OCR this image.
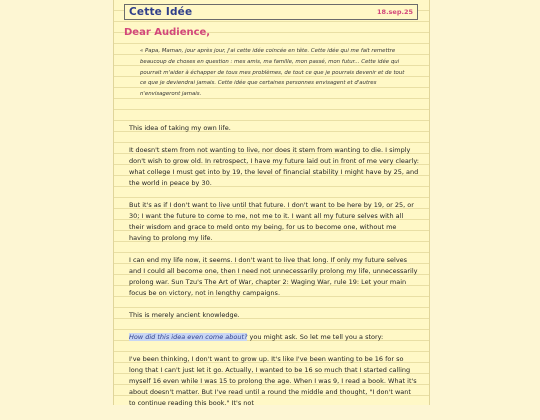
Cette Idée	18.sep.25
Dear Audience,
« Papa, Maman, jour après jour, j'ai cette idée coincée en tête. Cette idée qui me fait remettre beaucoup de choses en question : mes amis, ma famille, mon passé, mon futur... Cette idée qui pourrait m'aider à échapper de tous mes problèmes, de tout ce que je pourrais devenir et de tout ce que je deviendrai jamais. Cette idée que certaines personnes envisagent et d'autres n'envisageront jamais.

This idea of taking my own life.

It doesn't stem from not wanting to live, nor does it stem from wanting to die. I simply don't wish to grow old. In retrospect, I have my future laid out in front of me very clearly: what college I must get into by 19, the level of financial stability I might have by 25, and the world in peace by 30.

But it's as if I don't want to live until that future. I don't want to be here by 19, or 25, or 30; I want the future to come to me, not me to it. I want all my future selves with all their wisdom and grace to meld onto my being, for us to become one, without me having to prolong my life.

I can end my life now, it seems. I don't want to live that long. If only my future selves and I could all become one, then I need not unnecessarily prolong my life, unnecessarily prolong war. Sun Tzu's The Art of War, chapter 2: Waging War, rule 19: Let your main focus be on victory, not in lengthy campaigns.

This is merely ancient knowledge.

How did this idea even come about? you might ask. So let me tell you a story:

I've been thinking, I don't want to grow up. It's like I've been wanting to be 16 for so long that I can't just let it go. Actually, I wanted to be 16 so much that I started calling myself 16 even while I was 15 to prolong the age. When I was 9, I read a book. What it's about doesn't matter. But I've read until a round the middle and thought, "I don't want to continue reading this book." It's not
